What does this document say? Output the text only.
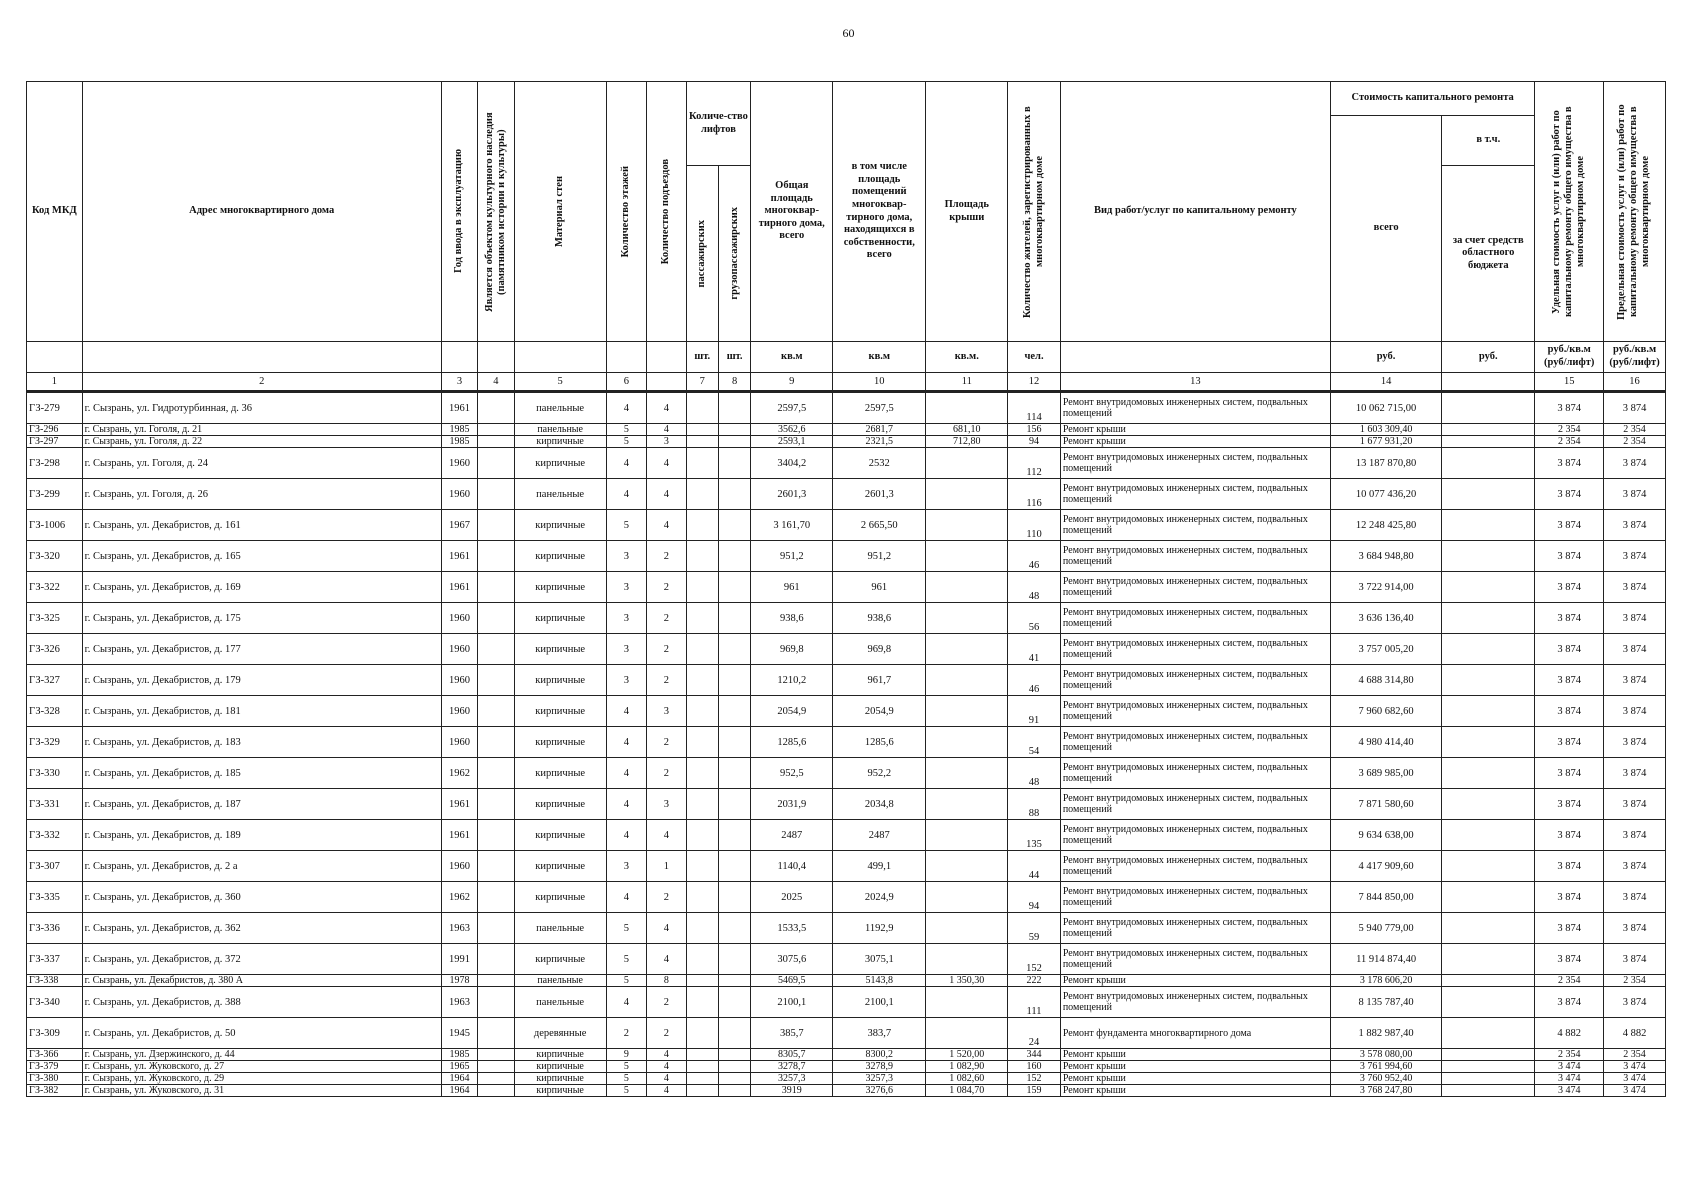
60
Код МКД	Адрес многоквартирного дома	Год ввода в эксплуатацию	Является объектом культурного наследия (памятником истории и культуры)	Материал стен	Количество этажей	Количество подъездов	Количе-ство лифтов		Общая площадь многоквар-тирного дома, всего	в том числе площадь помещений многоквар-тирного дома, находящихся в собственности, всего	Площадь крыши	Количество жителей, зарегистрированных в многоквартирном доме	Вид работ/услуг по капитальному ремонту	Стоимость капитального ремонта		Удельная стоимость услуг и (или) работ по капитальному ремонту общего имущества в многоквартирном доме	Предельная стоимость услуг и (или) работ по капитальному ремонту общего имущества в многоквартирном доме

														всего	в т.ч.		

							пассажирских	грузопассажирских							за счет средств областного бюджета		
							шт.	шт.	кв.м	кв.м	кв.м.	чел.		руб.	руб.	руб./кв.м (руб/лифт)	руб./кв.м (руб/лифт)
1	2	3	4	5	6		7	8	9	10	11	12	13	14		15	16
ГЗ-279	г. Сызрань, ул. Гидротурбинная, д. 36	1961		панельные	4	4			2597,5	2597,5		114	Ремонт внутридомовых инженерных систем, подвальных помещений	10 062 715,00		3 874	3 874
ГЗ-296	г. Сызрань, ул. Гоголя, д. 21	1985		панельные	5	4			3562,6	2681,7	681,10	156	Ремонт крыши	1 603 309,40		2 354	2 354
ГЗ-297	г. Сызрань, ул. Гоголя, д. 22	1985		кирпичные	5	3			2593,1	2321,5	712,80	94	Ремонт крыши	1 677 931,20		2 354	2 354
ГЗ-298	г. Сызрань, ул. Гоголя, д. 24	1960		кирпичные	4	4			3404,2	2532		112	Ремонт внутридомовых инженерных систем, подвальных помещений	13 187 870,80		3 874	3 874
ГЗ-299	г. Сызрань, ул. Гоголя, д. 26	1960		панельные	4	4			2601,3	2601,3		116	Ремонт внутридомовых инженерных систем, подвальных помещений	10 077 436,20		3 874	3 874
ГЗ-1006	г. Сызрань, ул. Декабристов, д. 161	1967		кирпичные	5	4			3 161,70	2 665,50		110	Ремонт внутридомовых инженерных систем, подвальных помещений	12 248 425,80		3 874	3 874
ГЗ-320	г. Сызрань, ул. Декабристов, д. 165	1961		кирпичные	3	2			951,2	951,2		46	Ремонт внутридомовых инженерных систем, подвальных помещений	3 684 948,80		3 874	3 874
ГЗ-322	г. Сызрань, ул. Декабристов, д. 169	1961		кирпичные	3	2			961	961		48	Ремонт внутридомовых инженерных систем, подвальных помещений	3 722 914,00		3 874	3 874
ГЗ-325	г. Сызрань, ул. Декабристов, д. 175	1960		кирпичные	3	2			938,6	938,6		56	Ремонт внутридомовых инженерных систем, подвальных помещений	3 636 136,40		3 874	3 874
ГЗ-326	г. Сызрань, ул. Декабристов, д. 177	1960		кирпичные	3	2			969,8	969,8		41	Ремонт внутридомовых инженерных систем, подвальных помещений	3 757 005,20		3 874	3 874
ГЗ-327	г. Сызрань, ул. Декабристов, д. 179	1960		кирпичные	3	2			1210,2	961,7		46	Ремонт внутридомовых инженерных систем, подвальных помещений	4 688 314,80		3 874	3 874
ГЗ-328	г. Сызрань, ул. Декабристов, д. 181	1960		кирпичные	4	3			2054,9	2054,9		91	Ремонт внутридомовых инженерных систем, подвальных помещений	7 960 682,60		3 874	3 874
ГЗ-329	г. Сызрань, ул. Декабристов, д. 183	1960		кирпичные	4	2			1285,6	1285,6		54	Ремонт внутридомовых инженерных систем, подвальных помещений	4 980 414,40		3 874	3 874
ГЗ-330	г. Сызрань, ул. Декабристов, д. 185	1962		кирпичные	4	2			952,5	952,2		48	Ремонт внутридомовых инженерных систем, подвальных помещений	3 689 985,00		3 874	3 874
ГЗ-331	г. Сызрань, ул. Декабристов, д. 187	1961		кирпичные	4	3			2031,9	2034,8		88	Ремонт внутридомовых инженерных систем, подвальных помещений	7 871 580,60		3 874	3 874
ГЗ-332	г. Сызрань, ул. Декабристов, д. 189	1961		кирпичные	4	4			2487	2487		135	Ремонт внутридомовых инженерных систем, подвальных помещений	9 634 638,00		3 874	3 874
ГЗ-307	г. Сызрань, ул. Декабристов, д. 2 а	1960		кирпичные	3	1			1140,4	499,1		44	Ремонт внутридомовых инженерных систем, подвальных помещений	4 417 909,60		3 874	3 874
ГЗ-335	г. Сызрань, ул. Декабристов, д. 360	1962		кирпичные	4	2			2025	2024,9		94	Ремонт внутридомовых инженерных систем, подвальных помещений	7 844 850,00		3 874	3 874
ГЗ-336	г. Сызрань, ул. Декабристов, д. 362	1963		панельные	5	4			1533,5	1192,9		59	Ремонт внутридомовых инженерных систем, подвальных помещений	5 940 779,00		3 874	3 874
ГЗ-337	г. Сызрань, ул. Декабристов, д. 372	1991		кирпичные	5	4			3075,6	3075,1		152	Ремонт внутридомовых инженерных систем, подвальных помещений	11 914 874,40		3 874	3 874
ГЗ-338	г. Сызрань, ул. Декабристов, д. 380 А	1978		панельные	5	8			5469,5	5143,8	1 350,30	222	Ремонт крыши	3 178 606,20		2 354	2 354
ГЗ-340	г. Сызрань, ул. Декабристов, д. 388	1963		панельные	4	2			2100,1	2100,1		111	Ремонт внутридомовых инженерных систем, подвальных помещений	8 135 787,40		3 874	3 874
ГЗ-309	г. Сызрань, ул. Декабристов, д. 50	1945		деревянные	2	2			385,7	383,7		24	Ремонт фундамента многоквартирного дома	1 882 987,40		4 882	4 882
ГЗ-366	г. Сызрань, ул. Дзержинского, д. 44	1985		кирпичные	9	4			8305,7	8300,2	1 520,00	344	Ремонт крыши	3 578 080,00		2 354	2 354
ГЗ-379	г. Сызрань, ул. Жуковского, д. 27	1965		кирпичные	5	4			3278,7	3278,9	1 082,90	160	Ремонт крыши	3 761 994,60		3 474	3 474
ГЗ-380	г. Сызрань, ул. Жуковского, д. 29	1964		кирпичные	5	4			3257,3	3257,3	1 082,60	152	Ремонт крыши	3 760 952,40		3 474	3 474
ГЗ-382	г. Сызрань, ул. Жуковского, д. 31	1964		кирпичные	5	4			3919	3276,6	1 084,70	159	Ремонт крыши	3 768 247,80		3 474	3 474
